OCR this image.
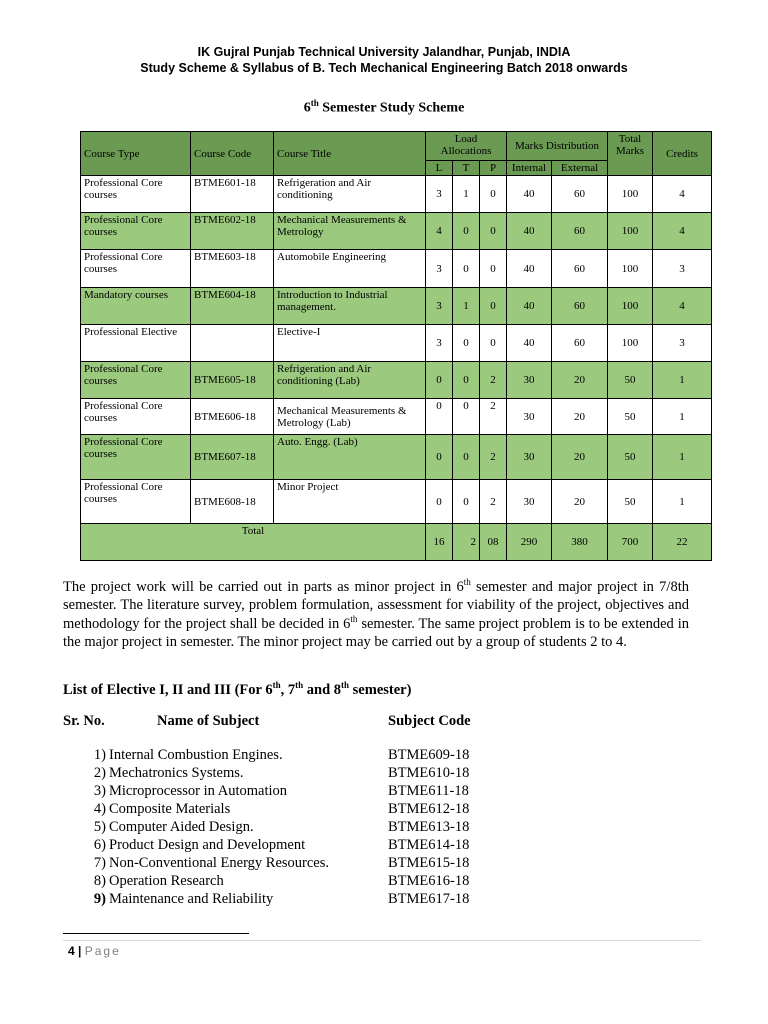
IK Gujral Punjab Technical University Jalandhar, Punjab, INDIA
Study Scheme & Syllabus of B. Tech Mechanical Engineering Batch 2018 onwards
6th Semester Study Scheme
Course Type	Course Code	Course Title	Load Allocations			Marks Distribution		Total Marks	Credits
			L	T	P	Internal	External		
Professional Core courses	BTME601-18	Refrigeration and Air conditioning	3	1	0	40	60	100	4
Professional Core courses	BTME602-18	Mechanical Measurements & Metrology	4	0	0	40	60	100	4
Professional Core courses	BTME603-18	Automobile Engineering	3	0	0	40	60	100	3
Mandatory courses	BTME604-18	Introduction to Industrial management.	3	1	0	40	60	100	4
Professional Elective		Elective-I	3	0	0	40	60	100	3
Professional Core courses	BTME605-18	Refrigeration and Air conditioning (Lab)	0	0	2	30	20	50	1
Professional Core courses	BTME606-18	Mechanical Measurements & Metrology (Lab)	0	0	2	30	20	50	1
Professional Core courses	BTME607-18	Auto. Engg. (Lab)	0	0	2	30	20	50	1
Professional Core courses	BTME608-18	Minor Project	0	0	2	30	20	50	1
Total			16	2	08	290	380	700	22
The project work will be carried out in parts as minor project in 6th semester and major project in 7/8th semester. The literature survey, problem formulation, assessment for viability of the project, objectives and methodology for the project shall be decided in 6th semester. The same project problem is to be extended in the major project in semester. The minor project may be carried out by a group of students 2 to 4.
List of Elective I, II and III (For 6th, 7th and 8th semester)
Sr. No.	Name of Subject	Subject Code
1) Internal Combustion Engines.	BTME609-18
2) Mechatronics Systems.	BTME610-18
3) Microprocessor in Automation	BTME611-18
4) Composite Materials	BTME612-18
5) Computer Aided Design.	BTME613-18
6) Product Design and Development	BTME614-18
7) Non-Conventional Energy Resources.	BTME615-18
8) Operation Research	BTME616-18
9) Maintenance and Reliability	BTME617-18
4 | Page
